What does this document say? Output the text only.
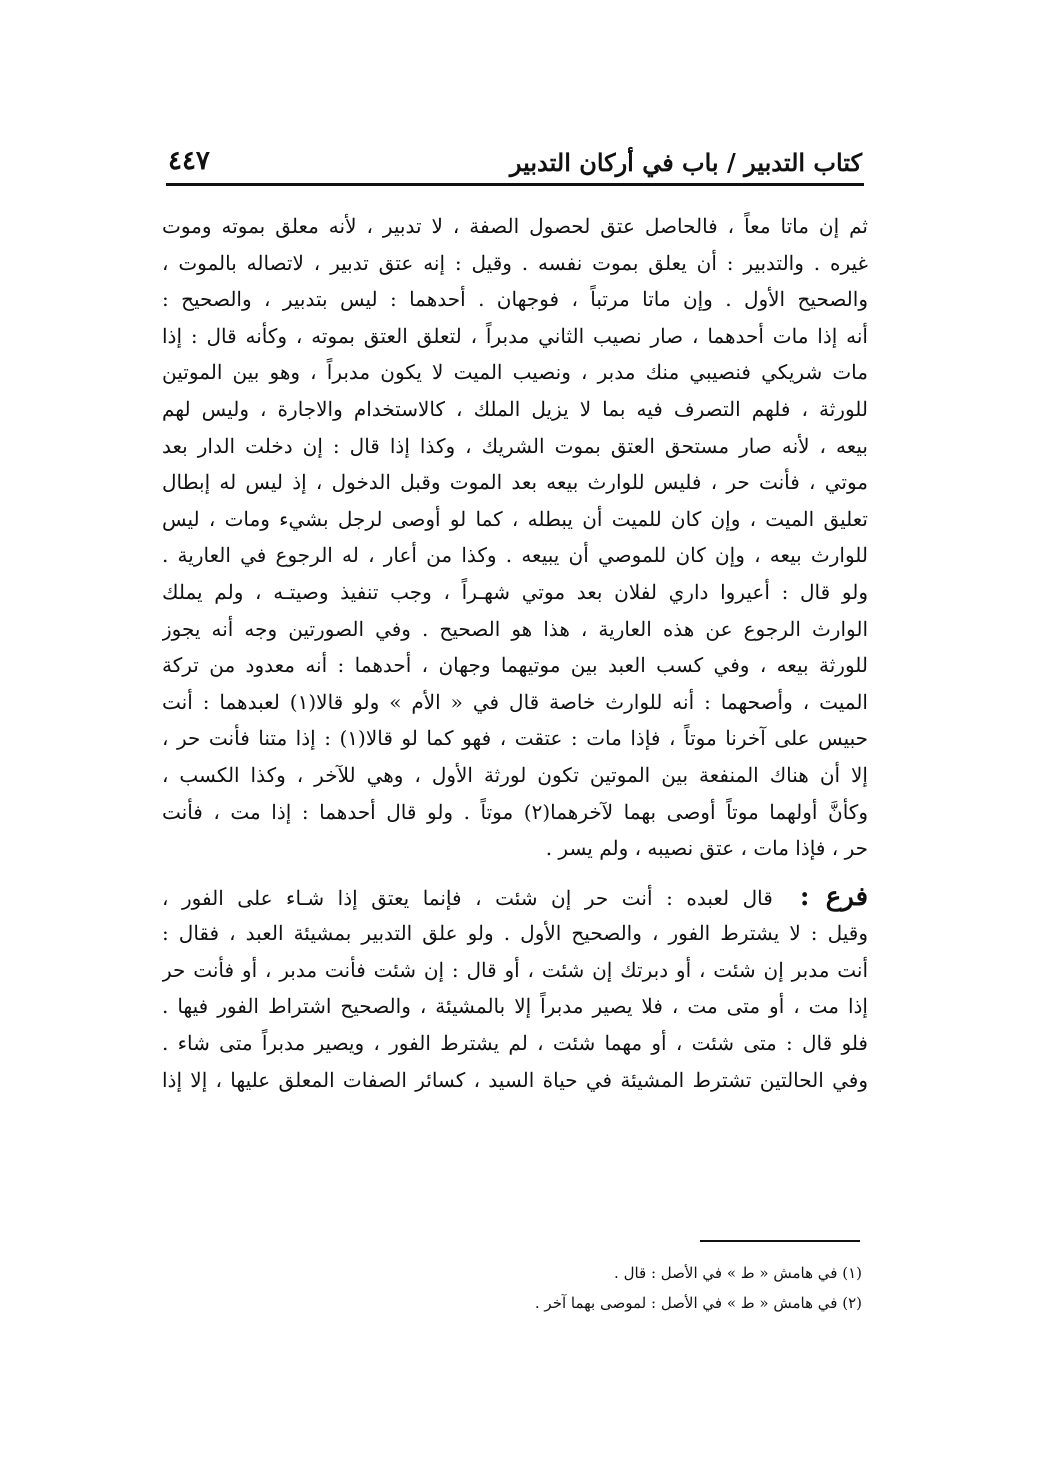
كتاب التدبير / باب في أركان التدبير
٤٤٧
ثم إن ماتا معاً ، فالحاصل عتق لحصول الصفة ، لا تدبير ، لأنه معلق بموته وموت
غيره . والتدبير : أن يعلق بموت نفسه . وقيل : إنه عتق تدبير ، لاتصاله بالموت ،
والصحيح الأول . وإن ماتا مرتباً ، فوجهان . أحدهما : ليس بتدبير ، والصحيح :
أنه إذا مات أحدهما ، صار نصيب الثاني مدبراً ، لتعلق العتق بموته ، وكأنه قال : إذا
مات شريكي فنصيبي منك مدبر ، ونصيب الميت لا يكون مدبراً ، وهو بين الموتين
للورثة ، فلهم التصرف فيه بما لا يزيل الملك ، كالاستخدام والاجارة ، وليس لهم
بيعه ، لأنه صار مستحق العتق بموت الشريك ، وكذا إذا قال : إن دخلت الدار بعد
موتي ، فأنت حر ، فليس للوارث بيعه بعد الموت وقبل الدخول ، إذ ليس له إبطال
تعليق الميت ، وإن كان للميت أن يبطله ، كما لو أوصى لرجل بشيء ومات ، ليس
للوارث بيعه ، وإن كان للموصي أن يبيعه . وكذا من أعار ، له الرجوع في العارية .
ولو قال : أعيروا داري لفلان بعد موتي شهـراً ، وجب تنفيذ وصيتـه ، ولم يملك
الوارث الرجوع عن هذه العارية ، هذا هو الصحيح . وفي الصورتين وجه أنه يجوز
للورثة بيعه ، وفي كسب العبد بين موتيهما وجهان ، أحدهما : أنه معدود من تركة
الميت ، وأصحهما : أنه للوارث خاصة قال في « الأم » ولو قالا(١) لعبدهما : أنت
حبيس على آخرنا موتاً ، فإذا مات : عتقت ، فهو كما لو قالا(١) : إذا متنا فأنت حر ،
إلا أن هناك المنفعة بين الموتين تكون لورثة الأول ، وهي للآخر ، وكذا الكسب ،
وكأنَّ أولهما موتاً أوصى بهما لآخرهما(٢) موتاً . ولو قال أحدهما : إذا مت ، فأنت
حر ، فإذا مات ، عتق نصيبه ، ولم يسر .
فرع :  قال لعبده : أنت حر إن شئت ، فإنما يعتق إذا شـاء على الفور ،
وقيل : لا يشترط الفور ، والصحيح الأول . ولو علق التدبير بمشيئة العبد ، فقال :
أنت مدبر إن شئت ، أو دبرتك إن شئت ، أو قال : إن شئت فأنت مدبر ، أو فأنت حر
إذا مت ، أو متى مت ، فلا يصير مدبراً إلا بالمشيئة ، والصحيح اشتراط الفور فيها .
فلو قال : متى شئت ، أو مهما شئت ، لم يشترط الفور ، ويصير مدبراً متى شاء .
وفي الحالتين تشترط المشيئة في حياة السيد ، كسائر الصفات المعلق عليها ، إلا إذا
(١) في هامش « ط » في الأصل : قال .
(٢) في هامش « ط » في الأصل : لموصى بهما آخر .
